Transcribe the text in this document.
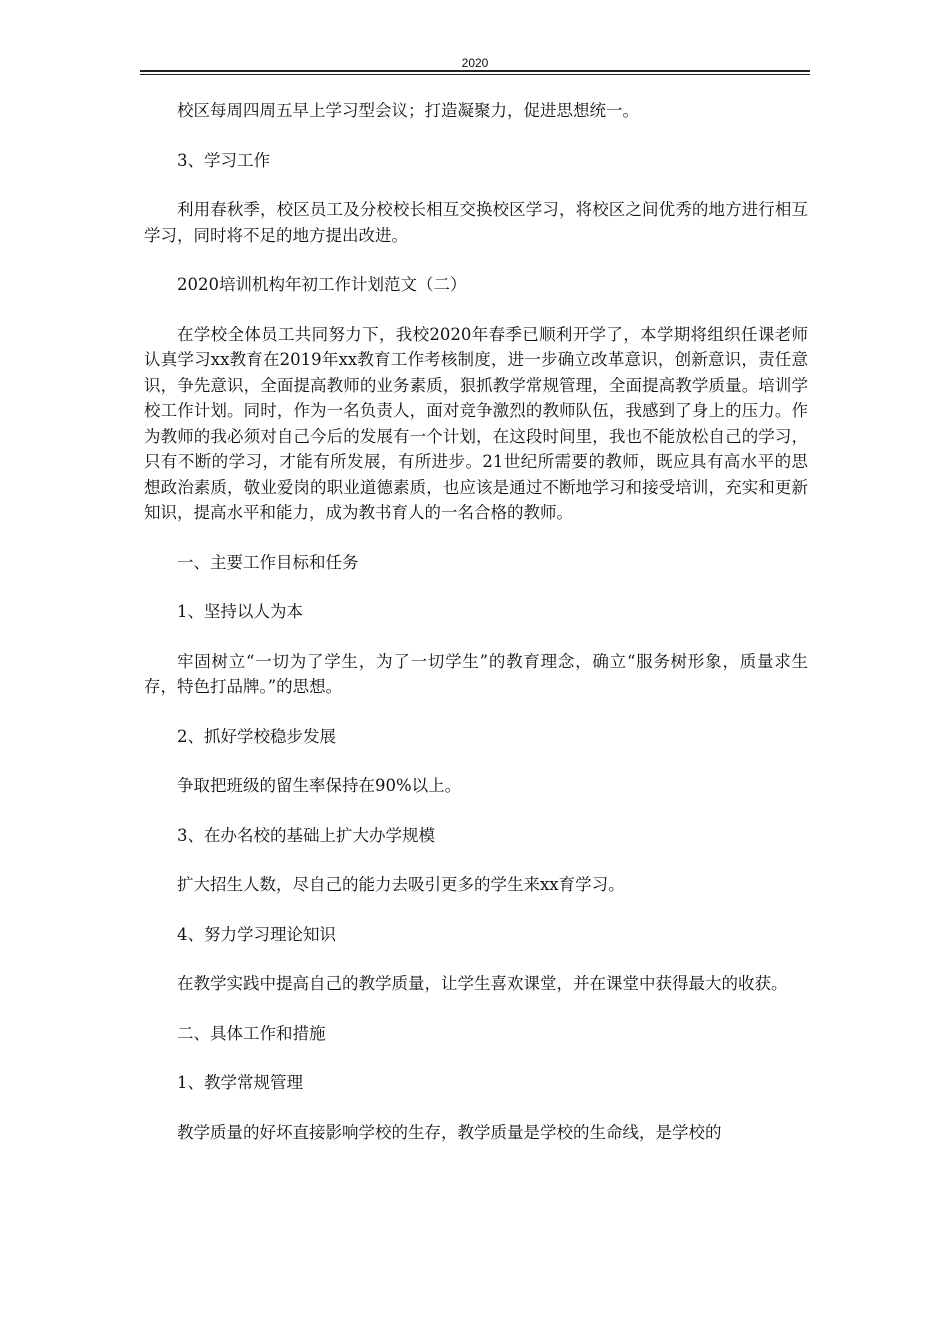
2020

校区每周四周五早上学习型会议；打造凝聚力，促进思想统一。

3、学习工作

利用春秋季，校区员工及分校校长相互交换校区学习，将校区之间优秀的地方进行相互学习，同时将不足的地方提出改进。

2020培训机构年初工作计划范文（二）

在学校全体员工共同努力下，我校2020年春季已顺利开学了，本学期将组织任课老师认真学习xx教育在2019年xx教育工作考核制度，进一步确立改革意识，创新意识，责任意识，争先意识，全面提高教师的业务素质，狠抓教学常规管理，全面提高教学质量。培训学校工作计划。同时，作为一名负责人，面对竞争激烈的教师队伍，我感到了身上的压力。作为教师的我必须对自己今后的发展有一个计划，在这段时间里，我也不能放松自己的学习，只有不断的学习，才能有所发展，有所进步。21世纪所需要的教师，既应具有高水平的思想政治素质，敬业爱岗的职业道德素质，也应该是通过不断地学习和接受培训，充实和更新知识，提高水平和能力，成为教书育人的一名合格的教师。

一、主要工作目标和任务

1、坚持以人为本

牢固树立“一切为了学生，为了一切学生”的教育理念，确立“服务树形象，质量求生存，特色打品牌。”的思想。

2、抓好学校稳步发展

争取把班级的留生率保持在90%以上。

3、在办名校的基础上扩大办学规模

扩大招生人数，尽自己的能力去吸引更多的学生来xx育学习。

4、努力学习理论知识

在教学实践中提高自己的教学质量，让学生喜欢课堂，并在课堂中获得最大的收获。

二、具体工作和措施

1、教学常规管理

教学质量的好坏直接影响学校的生存，教学质量是学校的生命线，是学校的
